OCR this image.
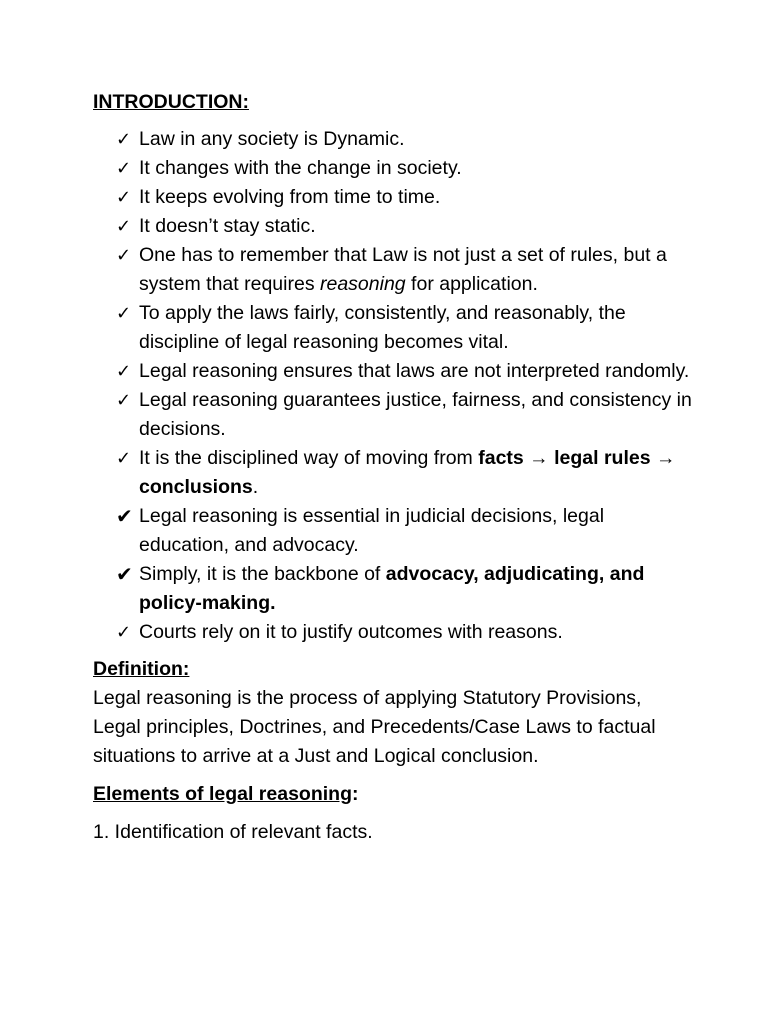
INTRODUCTION:

✓ Law in any society is Dynamic.
✓ It changes with the change in society.
✓ It keeps evolving from time to time.
✓ It doesn’t stay static.
✓ One has to remember that Law is not just a set of rules, but a system that requires reasoning for application.
✓ To apply the laws fairly, consistently, and reasonably, the discipline of legal reasoning becomes vital.
✓ Legal reasoning ensures that laws are not interpreted randomly.
✓ Legal reasoning guarantees justice, fairness, and consistency in decisions.
✓ It is the disciplined way of moving from facts → legal rules → conclusions.
✔ Legal reasoning is essential in judicial decisions, legal education, and advocacy.
✔ Simply, it is the backbone of advocacy, adjudicating, and policy-making.
✓ Courts rely on it to justify outcomes with reasons.

Definition:

Legal reasoning is the process of applying Statutory Provisions, Legal principles, Doctrines, and Precedents/Case Laws to factual situations to arrive at a Just and Logical conclusion.

Elements of legal reasoning:

1. Identification of relevant facts.
